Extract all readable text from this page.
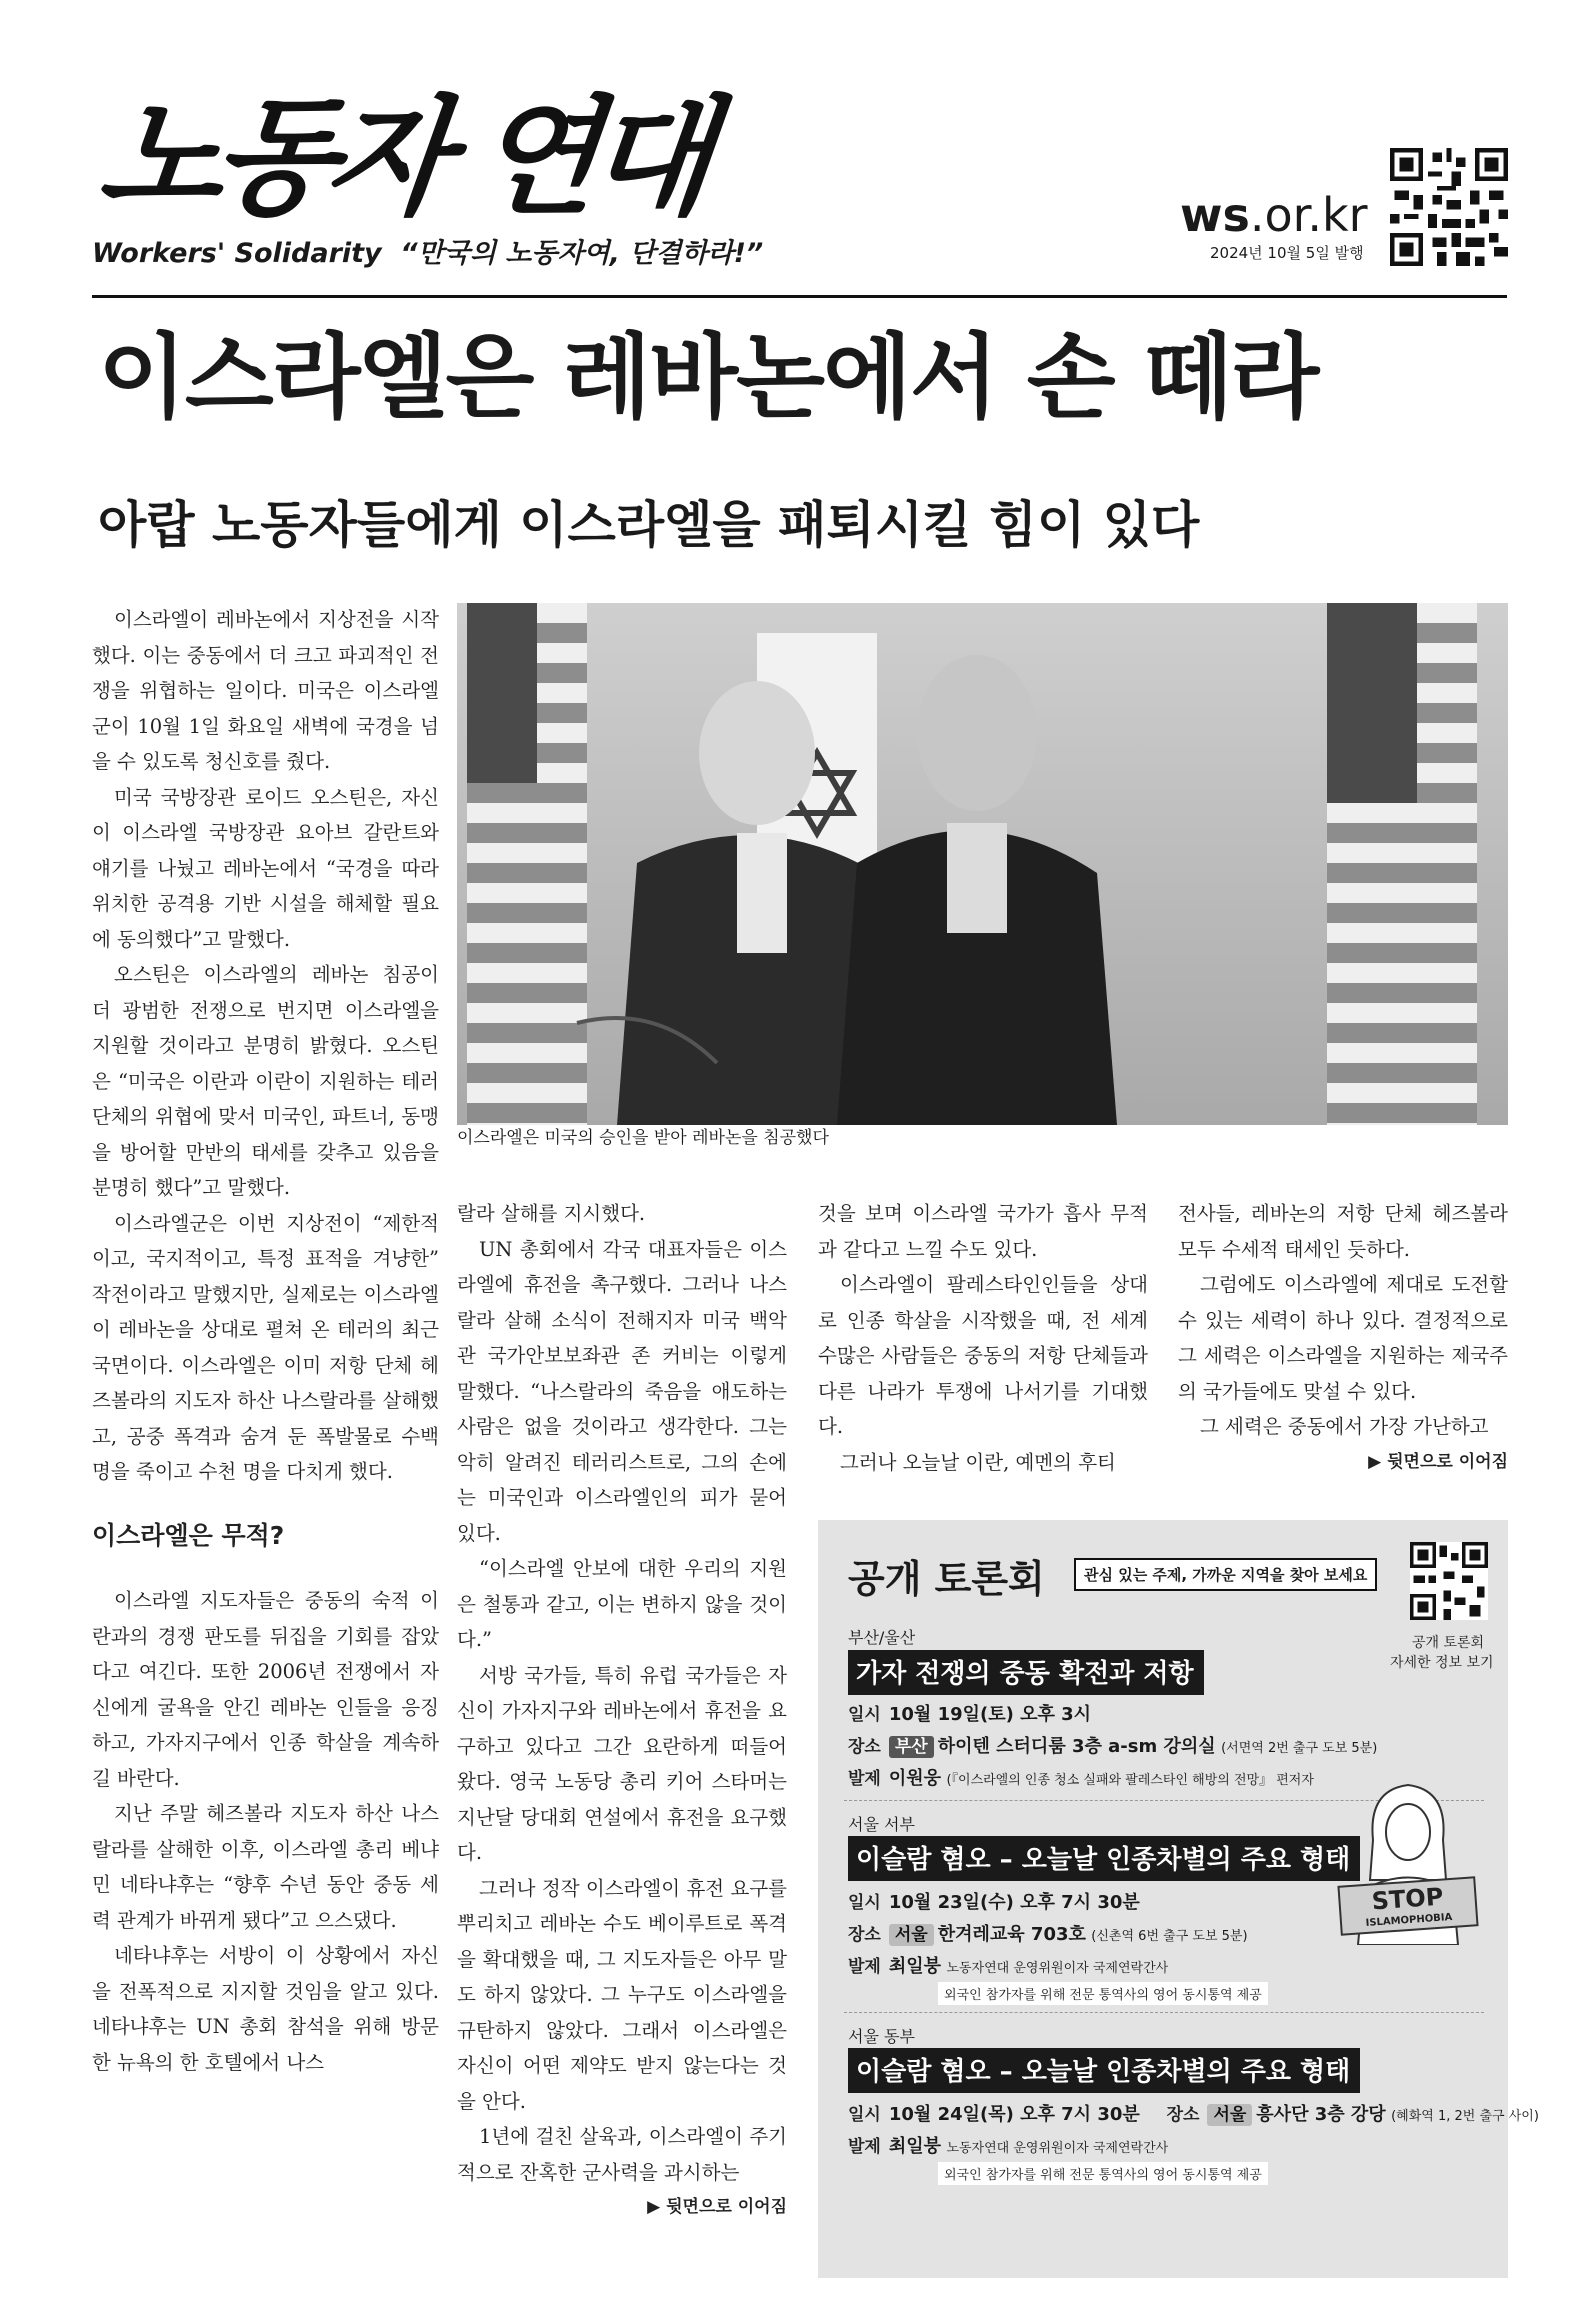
노동자 연대
Workers' Solidarity “만국의 노동자여, 단결하라!”
ws.or.kr
2024년 10월 5일 발행
이스라엘은 레바논에서 손 떼라
아랍 노동자들에게 이스라엘을 패퇴시킬 힘이 있다

이스라엘이 레바논에서 지상전을 시작했다. 이는 중동에서 더 크고 파괴적인 전쟁을 위협하는 일이다. 미국은 이스라엘군이 10월 1일 화요일 새벽에 국경을 넘을 수 있도록 청신호를 줬다.

미국 국방장관 로이드 오스틴은, 자신이 이스라엘 국방장관 요아브 갈란트와 얘기를 나눴고 레바논에서 “국경을 따라 위치한 공격용 기반 시설을 해체할 필요에 동의했다”고 말했다.

오스틴은 이스라엘의 레바논 침공이 더 광범한 전쟁으로 번지면 이스라엘을 지원할 것이라고 분명히 밝혔다. 오스틴은 “미국은 이란과 이란이 지원하는 테러 단체의 위협에 맞서 미국인, 파트너, 동맹을 방어할 만반의 태세를 갖추고 있음을 분명히 했다”고 말했다.

이스라엘군은 이번 지상전이 “제한적이고, 국지적이고, 특정 표적을 겨냥한” 작전이라고 말했지만, 실제로는 이스라엘이 레바논을 상대로 펼쳐 온 테러의 최근 국면이다. 이스라엘은 이미 저항 단체 헤즈볼라의 지도자 하산 나스랄라를 살해했고, 공중 폭격과 숨겨 둔 폭발물로 수백 명을 죽이고 수천 명을 다치게 했다.

이스라엘은 무적?

이스라엘 지도자들은 중동의 숙적 이란과의 경쟁 판도를 뒤집을 기회를 잡았다고 여긴다. 또한 2006년 전쟁에서 자신에게 굴욕을 안긴 레바논 인들을 응징하고, 가자지구에서 인종 학살을 계속하길 바란다.

지난 주말 헤즈볼라 지도자 하산 나스랄라를 살해한 이후, 이스라엘 총리 베냐민 네타냐후는 “향후 수년 동안 중동 세력 관계가 바뀌게 됐다”고 으스댔다.

네타냐후는 서방이 이 상황에서 자신을 전폭적으로 지지할 것임을 알고 있다. 네타냐후는 UN 총회 참석을 위해 방문한 뉴욕의 한 호텔에서 나스

이스라엘은 미국의 승인을 받아 레바논을 침공했다

랄라 살해를 지시했다.

UN 총회에서 각국 대표자들은 이스라엘에 휴전을 촉구했다. 그러나 나스랄라 살해 소식이 전해지자 미국 백악관 국가안보보좌관 존 커비는 이렇게 말했다. “나스랄라의 죽음을 애도하는 사람은 없을 것이라고 생각한다. 그는 악히 알려진 테러리스트로, 그의 손에는 미국인과 이스라엘인의 피가 묻어 있다.

“이스라엘 안보에 대한 우리의 지원은 철통과 같고, 이는 변하지 않을 것이다.”

서방 국가들, 특히 유럽 국가들은 자신이 가자지구와 레바논에서 휴전을 요구하고 있다고 그간 요란하게 떠들어 왔다. 영국 노동당 총리 키어 스타머는 지난달 당대회 연설에서 휴전을 요구했다.

그러나 정작 이스라엘이 휴전 요구를 뿌리치고 레바논 수도 베이루트로 폭격을 확대했을 때, 그 지도자들은 아무 말도 하지 않았다. 그 누구도 이스라엘을 규탄하지 않았다. 그래서 이스라엘은 자신이 어떤 제약도 받지 않는다는 것을 안다.

1년에 걸친 살육과, 이스라엘이 주기적으로 잔혹한 군사력을 과시하는

▶ 뒷면으로 이어짐

것을 보며 이스라엘 국가가 흡사 무적과 같다고 느낄 수도 있다.

이스라엘이 팔레스타인인들을 상대로 인종 학살을 시작했을 때, 전 세계 수많은 사람들은 중동의 저항 단체들과 다른 나라가 투쟁에 나서기를 기대했다.

그러나 오늘날 이란, 예멘의 후티

전사들, 레바논의 저항 단체 헤즈볼라 모두 수세적 태세인 듯하다.

그럼에도 이스라엘에 제대로 도전할 수 있는 세력이 하나 있다. 결정적으로 그 세력은 이스라엘을 지원하는 제국주의 국가들에도 맞설 수 있다.

그 세력은 중동에서 가장 가난하고

▶ 뒷면으로 이어짐

공개 토론회	관심 있는 주제, 가까운 지역을 찾아 보세요
공개 토론회
자세한 정보 보기
부산/울산
가자 전쟁의 중동 확전과 저항
일시 10월 19일(토) 오후 3시
장소 부산 하이텐 스터디룸 3층 a-sm 강의실 (서면역 2번 출구 도보 5분)
발제 이원웅 (『이스라엘의 인종 청소 실패와 팔레스타인 해방의 전망』 편저자
서울 서부
이슬람 혐오 – 오늘날 인종차별의 주요 형태
일시 10월 23일(수) 오후 7시 30분
장소 서울 한겨레교육 703호 (신촌역 6번 출구 도보 5분)
발제 최일붕 노동자연대 운영위원이자 국제연락간사
외국인 참가자를 위해 전문 통역사의 영어 동시통역 제공
STOP
ISLAMOPHOBIA
서울 동부
이슬람 혐오 – 오늘날 인종차별의 주요 형태
일시 10월 24일(목) 오후 7시 30분 장소 서울 흥사단 3층 강당 (혜화역 1, 2번 출구 사이)
발제 최일붕 노동자연대 운영위원이자 국제연락간사
외국인 참가자를 위해 전문 통역사의 영어 동시통역 제공
